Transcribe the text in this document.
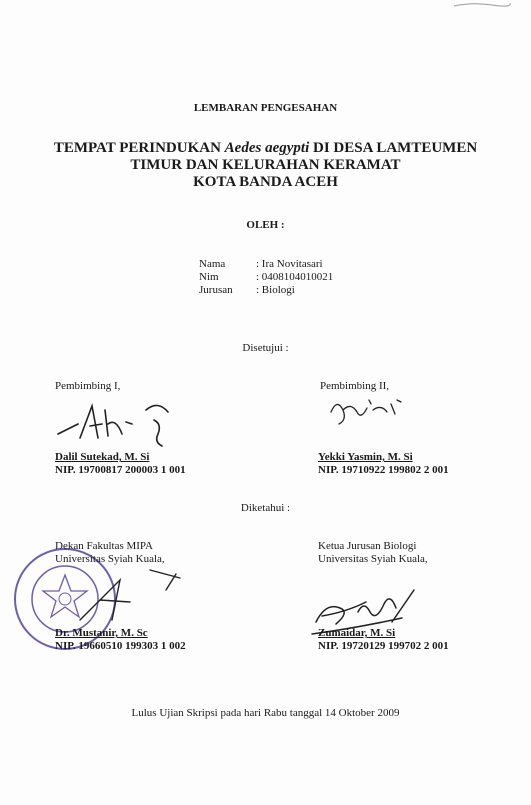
LEMBARAN PENGESAHAN
TEMPAT PERINDUKAN Aedes aegypti DI DESA LAMTEUMEN
TIMUR DAN KELURAHAN KERAMAT
KOTA BANDA ACEH
OLEH :
Nama	: Ira Novitasari
Nim	: 0408104010021
Jurusan : Biologi
Disetujui :
Pembimbing I,	Pembimbing II,
Dalil Sutekad, M. Si
NIP. 19700817 200003 1 001
Yekki Yasmin, M. Si
NIP. 19710922 199802 2 001
Diketahui :
Dekan Fakultas MIPA
Universitas Syiah Kuala,
Ketua Jurusan Biologi
Universitas Syiah Kuala,
Dr. Mustanir, M. Sc
NIP. 19660510 199303 1 002
Zumaidar, M. Si
NIP. 19720129 199702 2 001
Lulus Ujian Skripsi pada hari Rabu tanggal 14 Oktober 2009
